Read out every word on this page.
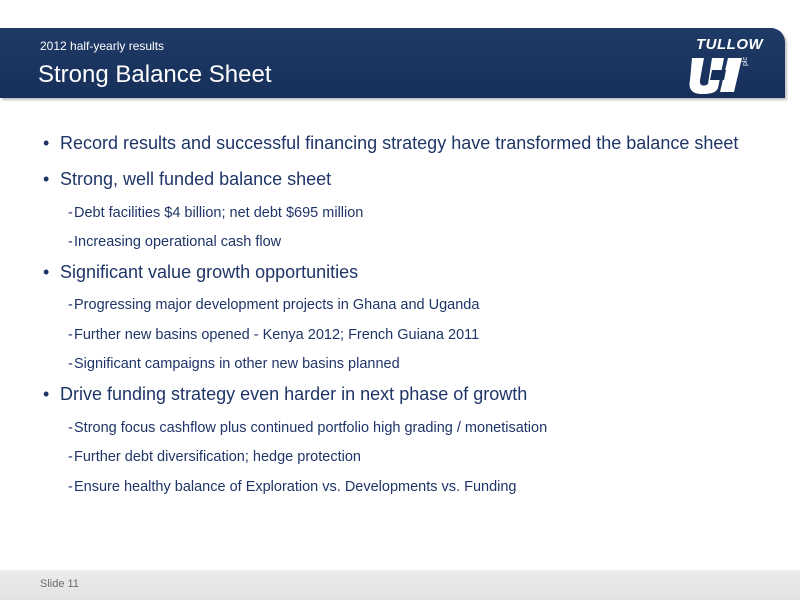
2012 half-yearly results
Strong Balance Sheet
TULLOW
plc
• Record results and successful financing strategy have transformed the balance sheet
• Strong, well funded balance sheet
-Debt facilities $4 billion; net debt $695 million
-Increasing operational cash flow
• Significant value growth opportunities
-Progressing major development projects in Ghana and Uganda
-Further new basins opened - Kenya 2012; French Guiana 2011
-Significant campaigns in other new basins planned
• Drive funding strategy even harder in next phase of growth
-Strong focus cashflow plus continued portfolio high grading / monetisation
-Further debt diversification; hedge protection
-Ensure healthy balance of Exploration vs. Developments vs. Funding
Slide 11
